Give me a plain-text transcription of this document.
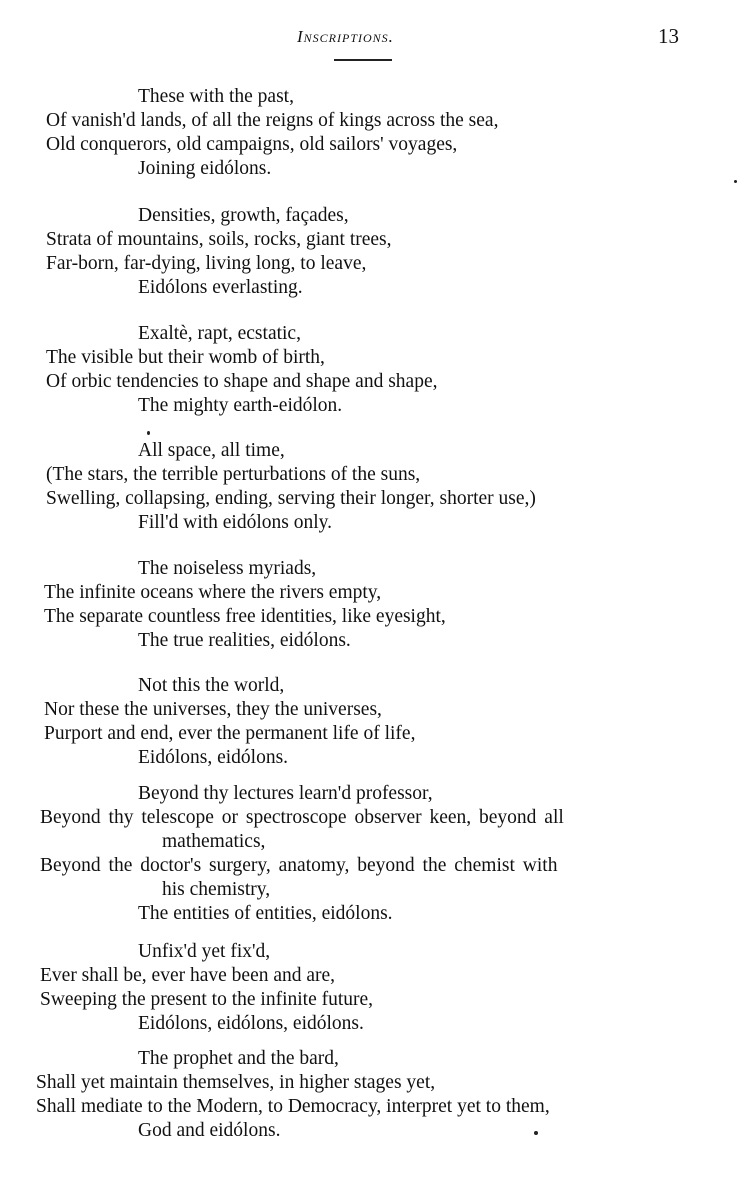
Inscriptions.	13
These with the past,
Of vanish'd lands, of all the reigns of kings across the sea,
Old conquerors, old campaigns, old sailors' voyages,
Joining eidólons.
Densities, growth, façades,
Strata of mountains, soils, rocks, giant trees,
Far-born, far-dying, living long, to leave,
Eidólons everlasting.
Exaltè, rapt, ecstatic,
The visible but their womb of birth,
Of orbic tendencies to shape and shape and shape,
The mighty earth-eidólon.
All space, all time,
(The stars, the terrible perturbations of the suns,
Swelling, collapsing, ending, serving their longer, shorter use,)
Fill'd with eidólons only.
The noiseless myriads,
The infinite oceans where the rivers empty,
The separate countless free identities, like eyesight,
The true realities, eidólons.
Not this the world,
Nor these the universes, they the universes,
Purport and end, ever the permanent life of life,
Eidólons, eidólons.
Beyond thy lectures learn'd professor,
Beyond thy telescope or spectroscope observer keen, beyond all
mathematics,
Beyond the doctor's surgery, anatomy, beyond the chemist with
his chemistry,
The entities of entities, eidólons.
Unfix'd yet fix'd,
Ever shall be, ever have been and are,
Sweeping the present to the infinite future,
Eidólons, eidólons, eidólons.
The prophet and the bard,
Shall yet maintain themselves, in higher stages yet,
Shall mediate to the Modern, to Democracy, interpret yet to them,
God and eidólons.
